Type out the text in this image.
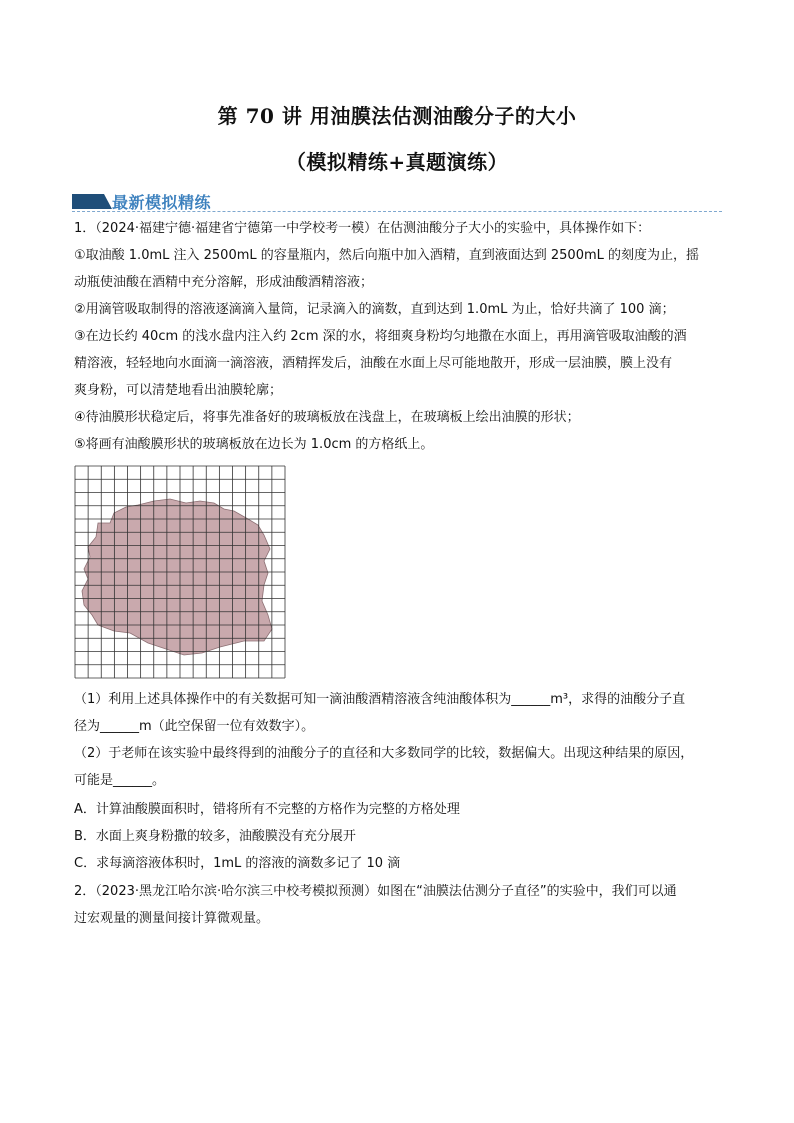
第 70 讲 用油膜法估测油酸分子的大小
（模拟精练+真题演练）
最新模拟精练
1．（2024·福建宁德·福建省宁德第一中学校考一模）在估测油酸分子大小的实验中，具体操作如下：
①取油酸 1.0mL 注入 2500mL 的容量瓶内，然后向瓶中加入酒精，直到液面达到 2500mL 的刻度为止，摇
动瓶使油酸在酒精中充分溶解，形成油酸酒精溶液；
②用滴管吸取制得的溶液逐滴滴入量筒，记录滴入的滴数，直到达到 1.0mL 为止，恰好共滴了 100 滴；
③在边长约 40cm 的浅水盘内注入约 2cm 深的水，将细爽身粉均匀地撒在水面上，再用滴管吸取油酸的酒
精溶液，轻轻地向水面滴一滴溶液，酒精挥发后，油酸在水面上尽可能地散开，形成一层油膜，膜上没有
爽身粉，可以清楚地看出油膜轮廓；
④待油膜形状稳定后，将事先准备好的玻璃板放在浅盘上，在玻璃板上绘出油膜的形状；
⑤将画有油酸膜形状的玻璃板放在边长为 1.0cm 的方格纸上。
（1）利用上述具体操作中的有关数据可知一滴油酸酒精溶液含纯油酸体积为______m³，求得的油酸分子直
径为______m（此空保留一位有效数字）。
（2）于老师在该实验中最终得到的油酸分子的直径和大多数同学的比较，数据偏大。出现这种结果的原因，
可能是______。
A．计算油酸膜面积时，错将所有不完整的方格作为完整的方格处理
B．水面上爽身粉撒的较多，油酸膜没有充分展开
C．求每滴溶液体积时，1mL 的溶液的滴数多记了 10 滴
2．（2023·黑龙江哈尔滨·哈尔滨三中校考模拟预测）如图在“油膜法估测分子直径”的实验中，我们可以通
过宏观量的测量间接计算微观量。
